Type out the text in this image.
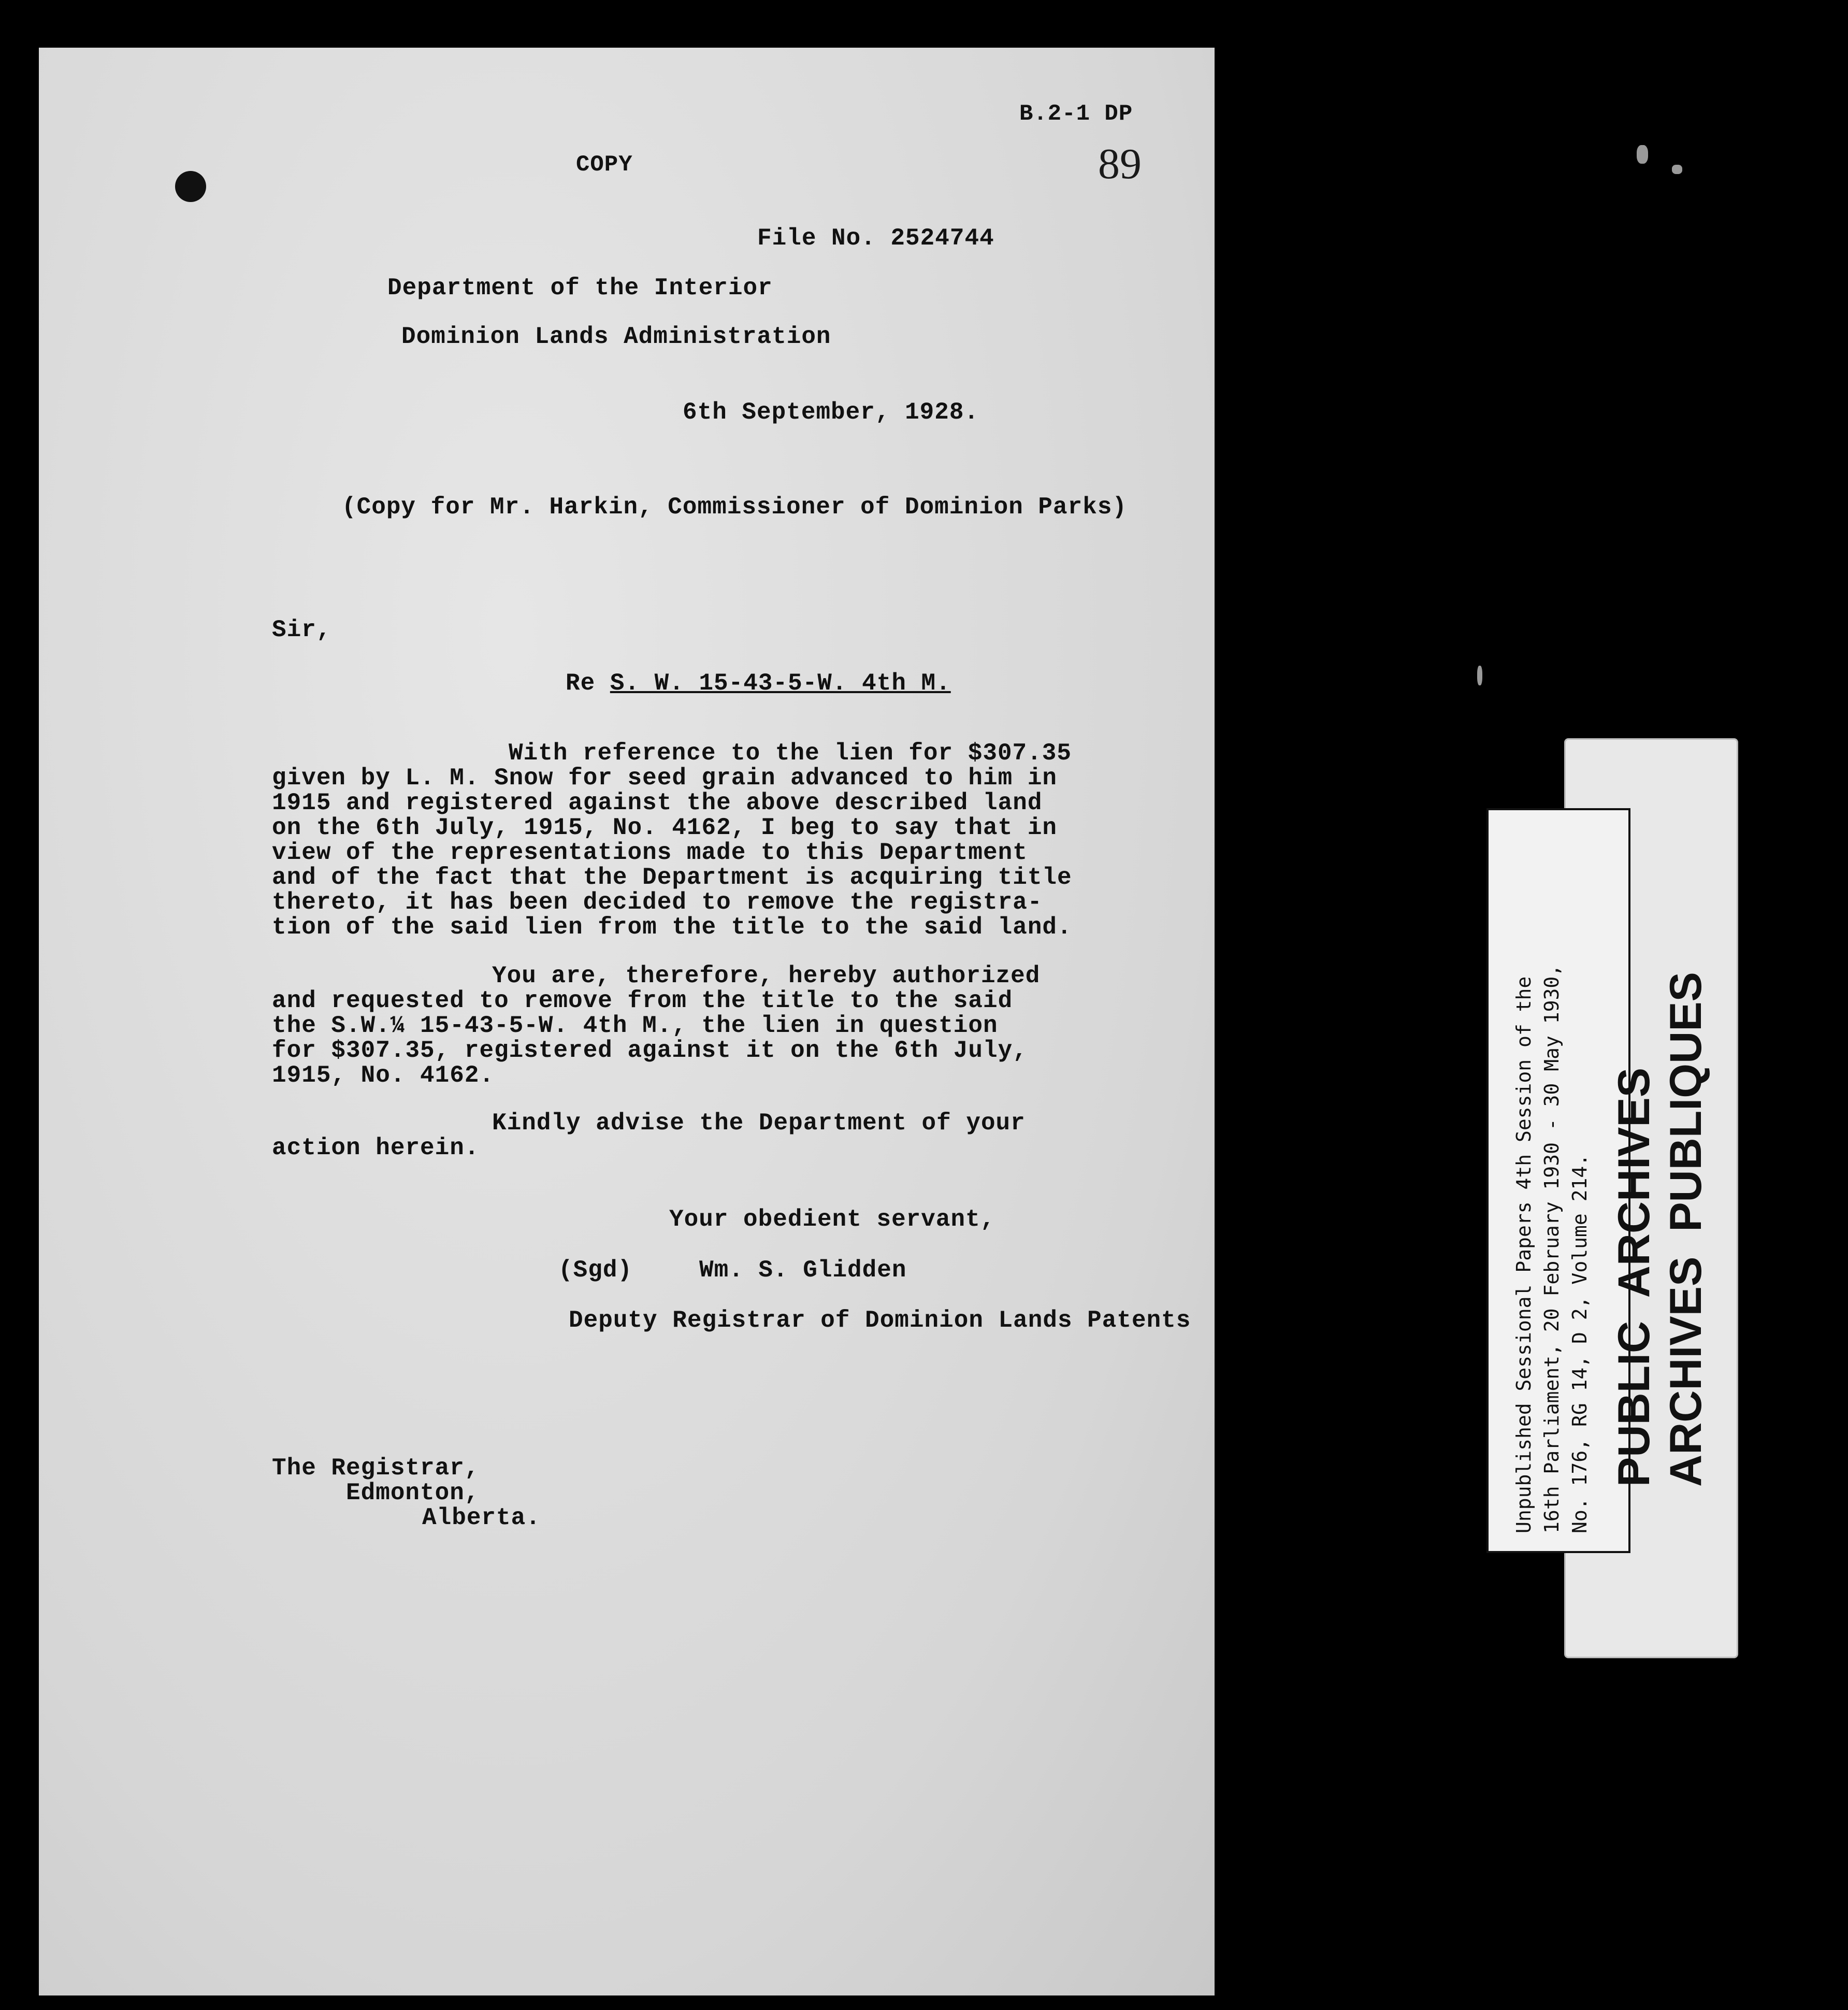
B.2-1 DP
COPY	89
File No. 2524744
Department of the Interior
Dominion Lands Administration
6th September, 1928.
(Copy for Mr. Harkin, Commissioner of Dominion Parks)
Sir,
Re S. W. 15-43-5-W. 4th M.
With reference to the lien for $307.35
given by L. M. Snow for seed grain advanced to him in
1915 and registered against the above described land
on the 6th July, 1915, No. 4162, I beg to say that in
view of the representations made to this Department
and of the fact that the Department is acquiring title
thereto, it has been decided to remove the registra-
tion of the said lien from the title to the said land.
You are, therefore, hereby authorized
and requested to remove from the title to the said
the S.W.¼ 15-43-5-W. 4th M., the lien in question
for $307.35, registered against it on the 6th July,
1915, No. 4162.
Kindly advise the Department of your
action herein.
Your obedient servant,
(Sgd)	Wm. S. Glidden
Deputy Registrar of Dominion Lands Patents
The Registrar,
Edmonton,
Alberta.	Unpublished Sessional Papers 4th Session of the 16th Parliament, 20 February 1930 - 30 May 1930, No. 176, RG 14, D 2, Volume 214. PUBLIC  ARCHIVES ARCHIVES  PUBLIQUES
